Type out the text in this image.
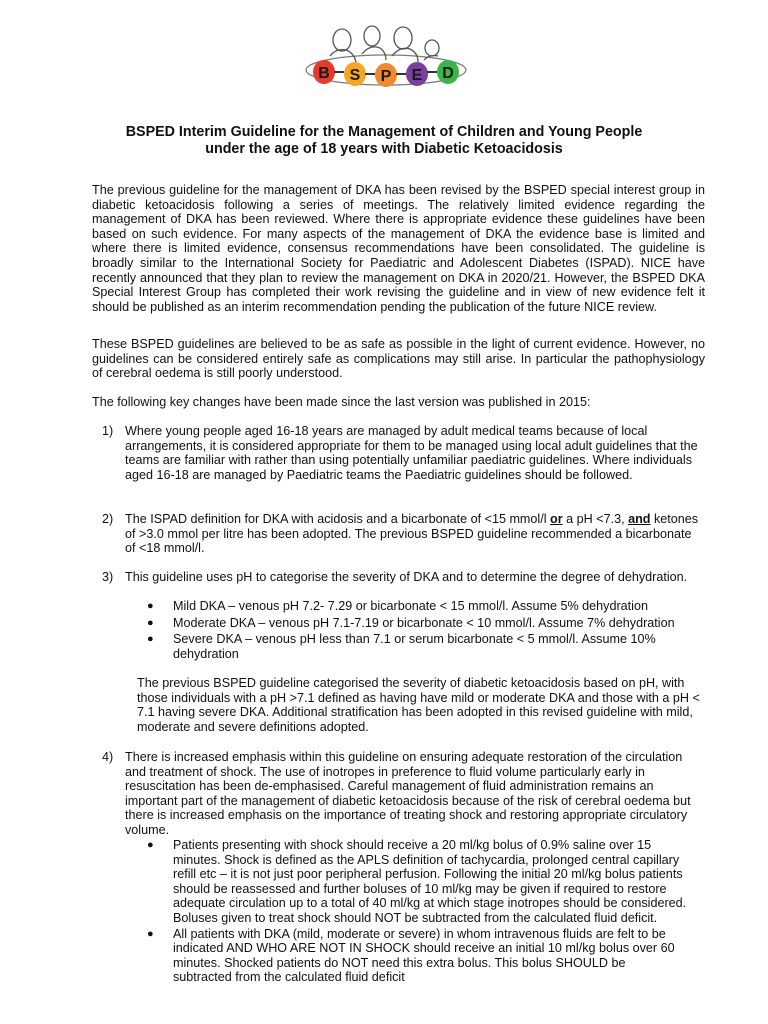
B S P E D
BSPED Interim Guideline for the Management of Children and Young People
under the age of 18 years with Diabetic Ketoacidosis

The previous guideline for the management of DKA has been revised by the BSPED special interest group in diabetic ketoacidosis following a series of meetings. The relatively limited evidence regarding the management of DKA has been reviewed. Where there is appropriate evidence these guidelines have been based on such evidence. For many aspects of the management of DKA the evidence base is limited and where there is limited evidence, consensus recommendations have been consolidated. The guideline is broadly similar to the International Society for Paediatric and Adolescent Diabetes (ISPAD). NICE have recently announced that they plan to review the management on DKA in 2020/21. However, the BSPED DKA Special Interest Group has completed their work revising the guideline and in view of new evidence felt it should be published as an interim recommendation pending the publication of the future NICE review.

These BSPED guidelines are believed to be as safe as possible in the light of current evidence. However, no guidelines can be considered entirely safe as complications may still arise. In particular the pathophysiology of cerebral oedema is still poorly understood.

The following key changes have been made since the last version was published in 2015:

1) Where young people aged 16-18 years are managed by adult medical teams because of local arrangements, it is considered appropriate for them to be managed using local adult guidelines that the teams are familiar with rather than using potentially unfamiliar paediatric guidelines. Where individuals aged 16-18 are managed by Paediatric teams the Paediatric guidelines should be followed.
2) The ISPAD definition for DKA with acidosis and a bicarbonate of <15 mmol/l or a pH <7.3, and ketones of >3.0 mmol per litre has been adopted. The previous BSPED guideline recommended a bicarbonate of <18 mmol/l.
3) This guideline uses pH to categorise the severity of DKA and to determine the degree of dehydration.
● Mild DKA – venous pH 7.2- 7.29 or bicarbonate < 15 mmol/l. Assume 5% dehydration
● Moderate DKA – venous pH 7.1-7.19 or bicarbonate < 10 mmol/l. Assume 7% dehydration
● Severe DKA – venous pH less than 7.1 or serum bicarbonate < 5 mmol/l. Assume 10% dehydration
The previous BSPED guideline categorised the severity of diabetic ketoacidosis based on pH, with those individuals with a pH >7.1 defined as having have mild or moderate DKA and those with a pH < 7.1 having severe DKA. Additional stratification has been adopted in this revised guideline with mild, moderate and severe definitions adopted.
4) There is increased emphasis within this guideline on ensuring adequate restoration of the circulation and treatment of shock. The use of inotropes in preference to fluid volume particularly early in resuscitation has been de-emphasised. Careful management of fluid administration remains an important part of the management of diabetic ketoacidosis because of the risk of cerebral oedema but there is increased emphasis on the importance of treating shock and restoring appropriate circulatory volume.
● Patients presenting with shock should receive a 20 ml/kg bolus of 0.9% saline over 15 minutes. Shock is defined as the APLS definition of tachycardia, prolonged central capillary refill etc – it is not just poor peripheral perfusion. Following the initial 20 ml/kg bolus patients should be reassessed and further boluses of 10 ml/kg may be given if required to restore adequate circulation up to a total of 40 ml/kg at which stage inotropes should be considered. Boluses given to treat shock should NOT be subtracted from the calculated fluid deficit.
● All patients with DKA (mild, moderate or severe) in whom intravenous fluids are felt to be indicated AND WHO ARE NOT IN SHOCK should receive an initial 10 ml/kg bolus over 60 minutes. Shocked patients do NOT need this extra bolus. This bolus SHOULD be subtracted from the calculated fluid deficit
